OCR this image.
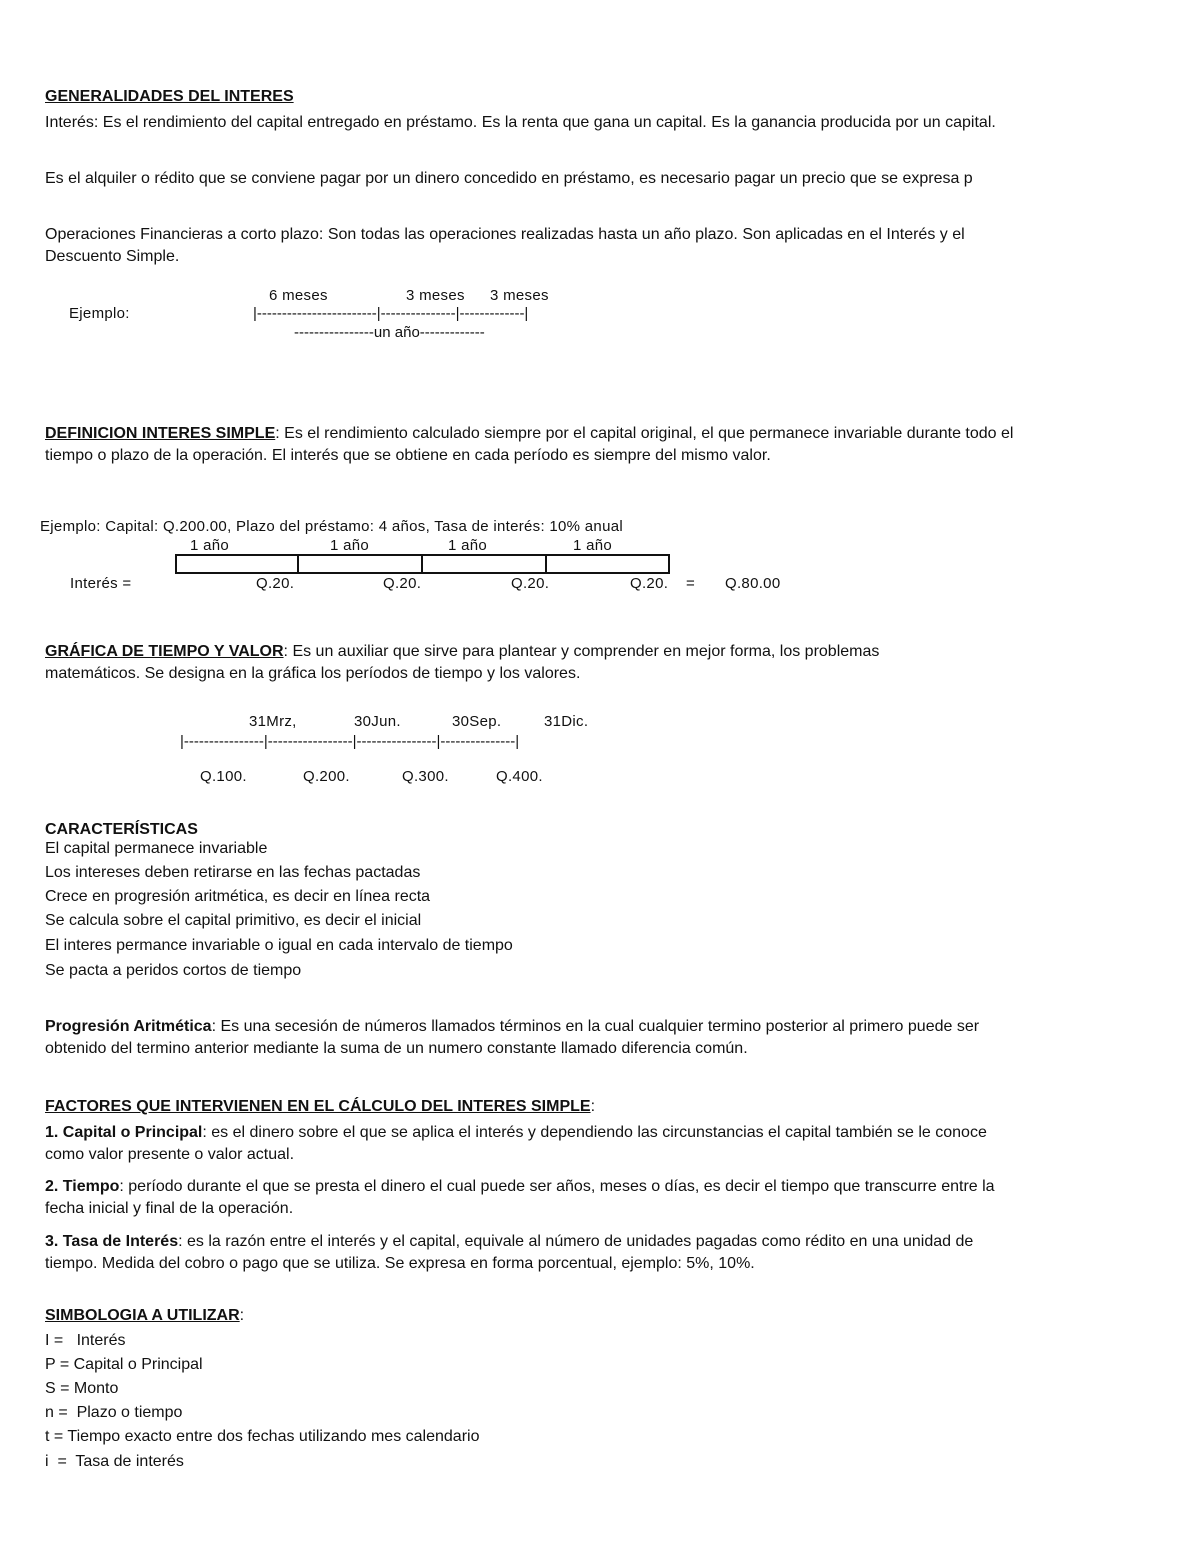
GENERALIDADES DEL INTERES
Interés: Es el rendimiento del capital entregado en préstamo. Es la renta que gana un capital. Es la ganancia producida por un capital.
Es el alquiler o rédito que se conviene pagar por un dinero concedido en préstamo, es necesario pagar un precio que se expresa p
Operaciones Financieras a corto plazo: Son todas las operaciones realizadas hasta un año plazo. Son aplicadas en el Interés y el Descuento Simple.
Ejemplo:
6 meses	3 meses 3 meses
|------------------------|---------------|-------------|
----------------un año-------------
DEFINICION INTERES SIMPLE: Es el rendimiento calculado siempre por el capital original, el que permanece invariable durante todo el tiempo o plazo de la operación. El interés que se obtiene en cada período es siempre del mismo valor.
Ejemplo: Capital: Q.200.00, Plazo del préstamo: 4 años, Tasa de interés: 10% anual
1 año	1 año	1 año	1 año
Interés =	Q.20.	Q.20.	Q.20.	Q.20. = Q.80.00
GRÁFICA DE TIEMPO Y VALOR: Es un auxiliar que sirve para plantear y comprender en mejor forma, los problemas matemáticos. Se designa en la gráfica los períodos de tiempo y los valores.
31Mrz,	30Jun.	30Sep.	31Dic.
|----------------|-----------------|----------------|---------------|
Q.100.	Q.200.	Q.300.	Q.400.
CARACTERÍSTICAS
El capital permanece invariable
Los intereses deben retirarse en las fechas pactadas
Crece en progresión aritmética, es decir en línea recta
Se calcula sobre el capital primitivo, es decir el inicial
El interes permance invariable o igual en cada intervalo de tiempo
Se pacta a peridos cortos de tiempo
Progresión Aritmética: Es una secesión de números llamados términos en la cual cualquier termino posterior al primero puede ser obtenido del termino anterior mediante la suma de un numero constante llamado diferencia común.
FACTORES QUE INTERVIENEN EN EL CÁLCULO DEL INTERES SIMPLE:
1. Capital o Principal: es el dinero sobre el que se aplica el interés y dependiendo las circunstancias el capital también se le conoce como valor presente o valor actual.
2. Tiempo: período durante el que se presta el dinero el cual puede ser años, meses o días, es decir el tiempo que transcurre entre la fecha inicial y final de la operación.
3. Tasa de Interés: es la razón entre el interés y el capital, equivale al número de unidades pagadas como rédito en una unidad de tiempo. Medida del cobro o pago que se utiliza. Se expresa en forma porcentual, ejemplo: 5%, 10%.
SIMBOLOGIA A UTILIZAR:
I =   Interés
P = Capital o Principal
S = Monto
n =  Plazo o tiempo
t = Tiempo exacto entre dos fechas utilizando mes calendario
i  =  Tasa de interés
